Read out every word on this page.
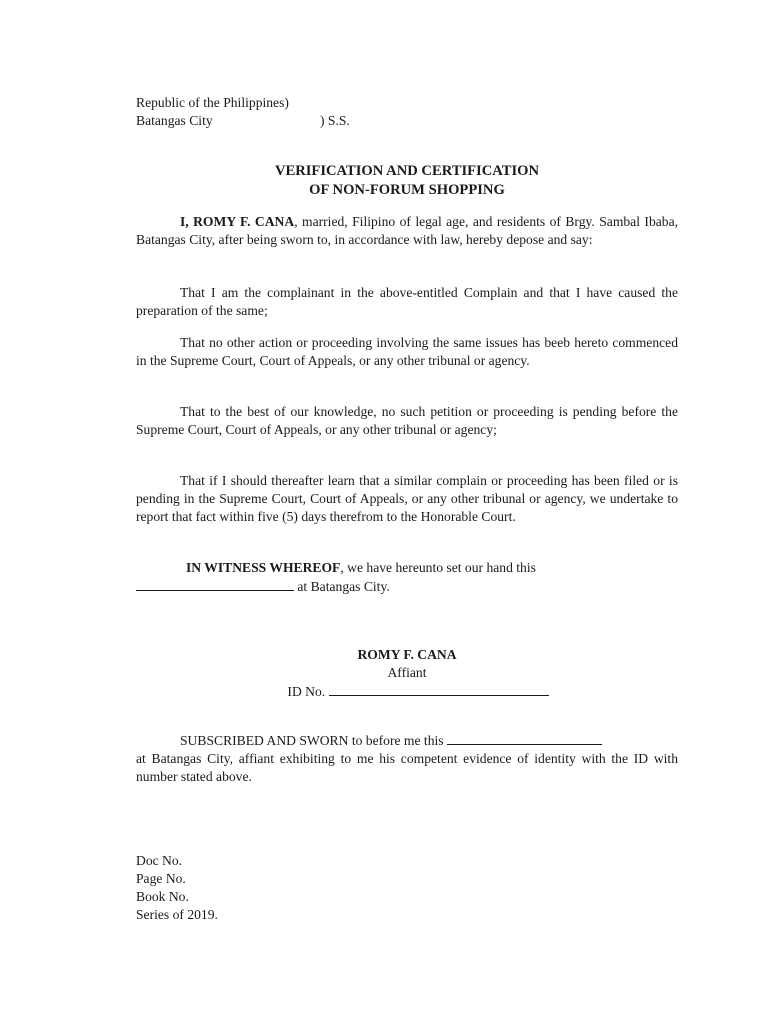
Republic of the Philippines)
Batangas City	) S.S.
VERIFICATION AND CERTIFICATION
OF NON-FORUM SHOPPING

I, ROMY F. CANA, married, Filipino of legal age, and residents of Brgy. Sambal Ibaba, Batangas City, after being sworn to, in accordance with law, hereby depose and say:

That I am the complainant in the above-entitled Complain and that I have caused the preparation of the same;

That no other action or proceeding involving the same issues has beeb hereto commenced in the Supreme Court, Court of Appeals, or any other tribunal or agency.

That to the best of our knowledge, no such petition or proceeding is pending before the Supreme Court, Court of Appeals, or any other tribunal or agency;

That if I should thereafter learn that a similar complain or proceeding has been filed or is pending in the Supreme Court, Court of Appeals, or any other tribunal or agency, we undertake to report that fact within five (5) days therefrom to the Honorable Court.

IN WITNESS WHEREOF, we have hereunto set our hand this

at Batangas City.
ROMY F. CANA
Affiant
ID No.
SUBSCRIBED AND SWORN to before me this

at Batangas City, affiant exhibiting to me his competent evidence of identity with the ID with number stated above.

Doc No.
Page No.
Book No.
Series of 2019.
